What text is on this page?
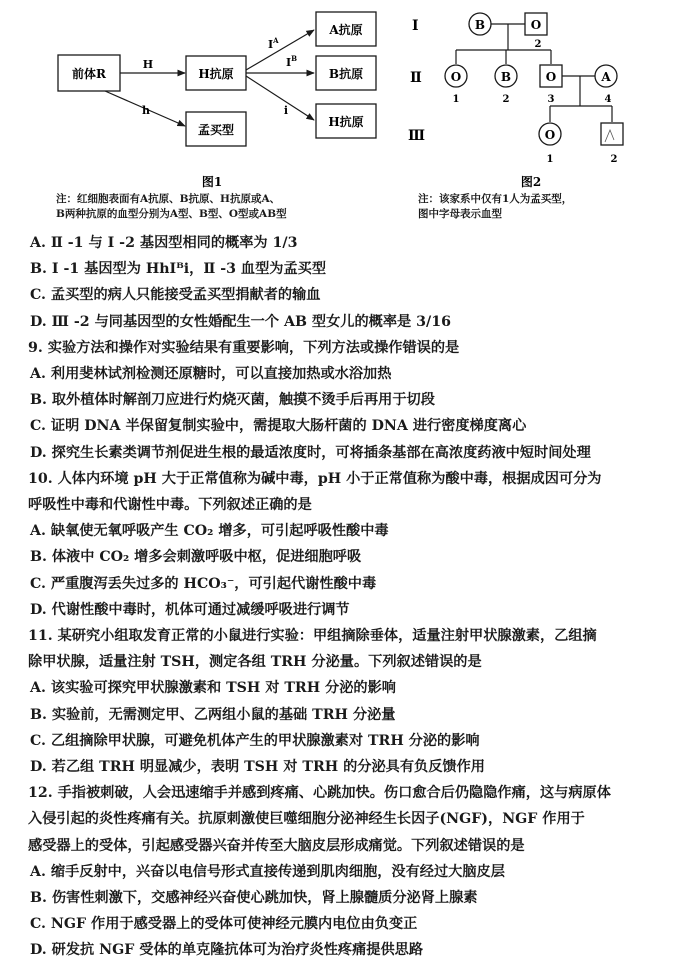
前体R	H抗原
孟买型
A抗原
B抗原
H抗原
H
h
$I^A$
$I^B$
i
图1
Ⅰ
Ⅱ
Ⅲ
B	O
2
O
1
B
2
O
3
A
4
O
1	2
图2
注：红细胞表面有A抗原、B抗原、H抗原或A、
B两种抗原的血型分别为A型、B型、O型或AB型
注：该家系中仅有1人为孟买型，
图中字母表示血型
A. Ⅱ -1 与 Ⅰ -2 基因型相同的概率为 1/3
B. Ⅰ -1 基因型为 HhIᴮi，Ⅱ -3 血型为孟买型
C. 孟买型的病人只能接受孟买型捐献者的输血
D. Ⅲ -2 与同基因型的女性婚配生一个 AB 型女儿的概率是 3/16
9. 实验方法和操作对实验结果有重要影响，下列方法或操作错误的是
A. 利用斐林试剂检测还原糖时，可以直接加热或水浴加热
B. 取外植体时解剖刀应进行灼烧灭菌，触摸不烫手后再用于切段
C. 证明 DNA 半保留复制实验中，需提取大肠杆菌的 DNA 进行密度梯度离心
D. 探究生长素类调节剂促进生根的最适浓度时，可将插条基部在高浓度药液中短时间处理
10. 人体内环境 pH 大于正常值称为碱中毒，pH 小于正常值称为酸中毒，根据成因可分为
呼吸性中毒和代谢性中毒。下列叙述正确的是
A. 缺氧使无氧呼吸产生 CO₂ 增多，可引起呼吸性酸中毒
B. 体液中 CO₂ 增多会刺激呼吸中枢，促进细胞呼吸
C. 严重腹泻丢失过多的 HCO₃⁻，可引起代谢性酸中毒
D. 代谢性酸中毒时，机体可通过减缓呼吸进行调节
11. 某研究小组取发育正常的小鼠进行实验：甲组摘除垂体，适量注射甲状腺激素，乙组摘
除甲状腺，适量注射 TSH，测定各组 TRH 分泌量。下列叙述错误的是
A. 该实验可探究甲状腺激素和 TSH 对 TRH 分泌的影响
B. 实验前，无需测定甲、乙两组小鼠的基础 TRH 分泌量
C. 乙组摘除甲状腺，可避免机体产生的甲状腺激素对 TRH 分泌的影响
D. 若乙组 TRH 明显减少，表明 TSH 对 TRH 的分泌具有负反馈作用
12. 手指被刺破，人会迅速缩手并感到疼痛、心跳加快。伤口愈合后仍隐隐作痛，这与病原体
入侵引起的炎性疼痛有关。抗原刺激使巨噬细胞分泌神经生长因子(NGF)，NGF 作用于
感受器上的受体，引起感受器兴奋并传至大脑皮层形成痛觉。下列叙述错误的是
A. 缩手反射中，兴奋以电信号形式直接传递到肌肉细胞，没有经过大脑皮层
B. 伤害性刺激下，交感神经兴奋使心跳加快，肾上腺髓质分泌肾上腺素
C. NGF 作用于感受器上的受体可使神经元膜内电位由负变正
D. 研发抗 NGF 受体的单克隆抗体可为治疗炎性疼痛提供思路
